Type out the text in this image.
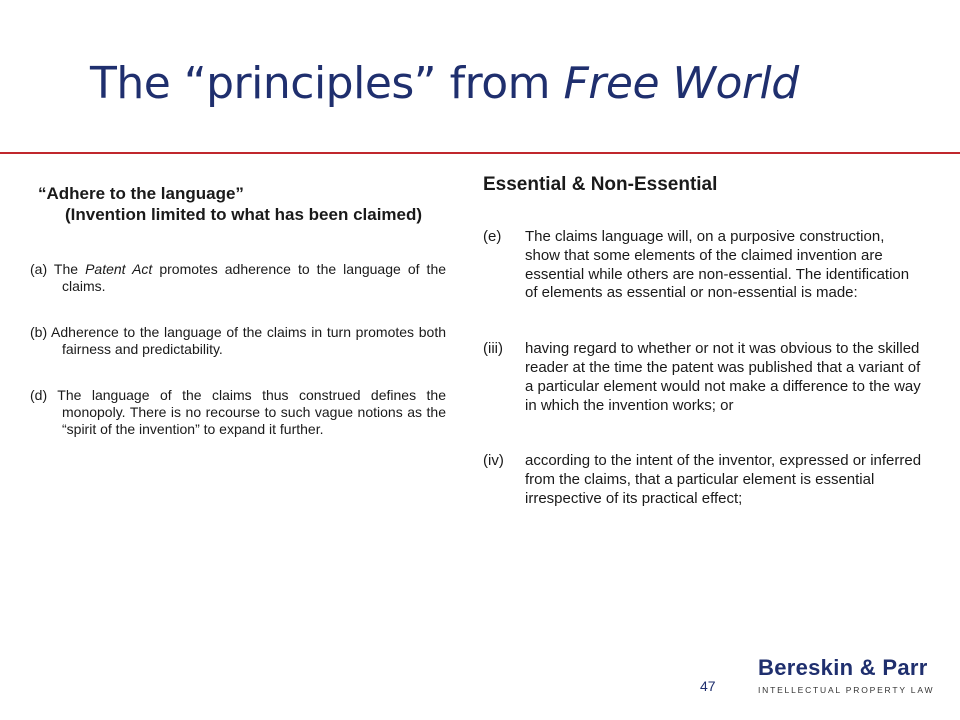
The “principles” from Free World
“Adhere to the language”
(Invention limited to what has been claimed)

(a) The Patent Act promotes adherence to the language of the claims.

(b) Adherence to the language of the claims in turn promotes both fairness and predictability.

(d) The language of the claims thus construed defines the monopoly. There is no recourse to such vague notions as the “spirit of the invention” to expand it further.

Essential & Non-Essential
(e)	The claims language will, on a purposive construction, show that some elements of the claimed invention are essential while others are non-essential. The identification of elements as essential or non-essential is made:
(iii)	having regard to whether or not it was obvious to the skilled reader at the time the patent was published that a variant of a particular element would not make a difference to the way in which the invention works; or
(iv)	according to the intent of the inventor, expressed or inferred from the claims, that a particular element is essential irrespective of its practical effect;
47
Bereskin & Parr
INTELLECTUAL PROPERTY LAW
